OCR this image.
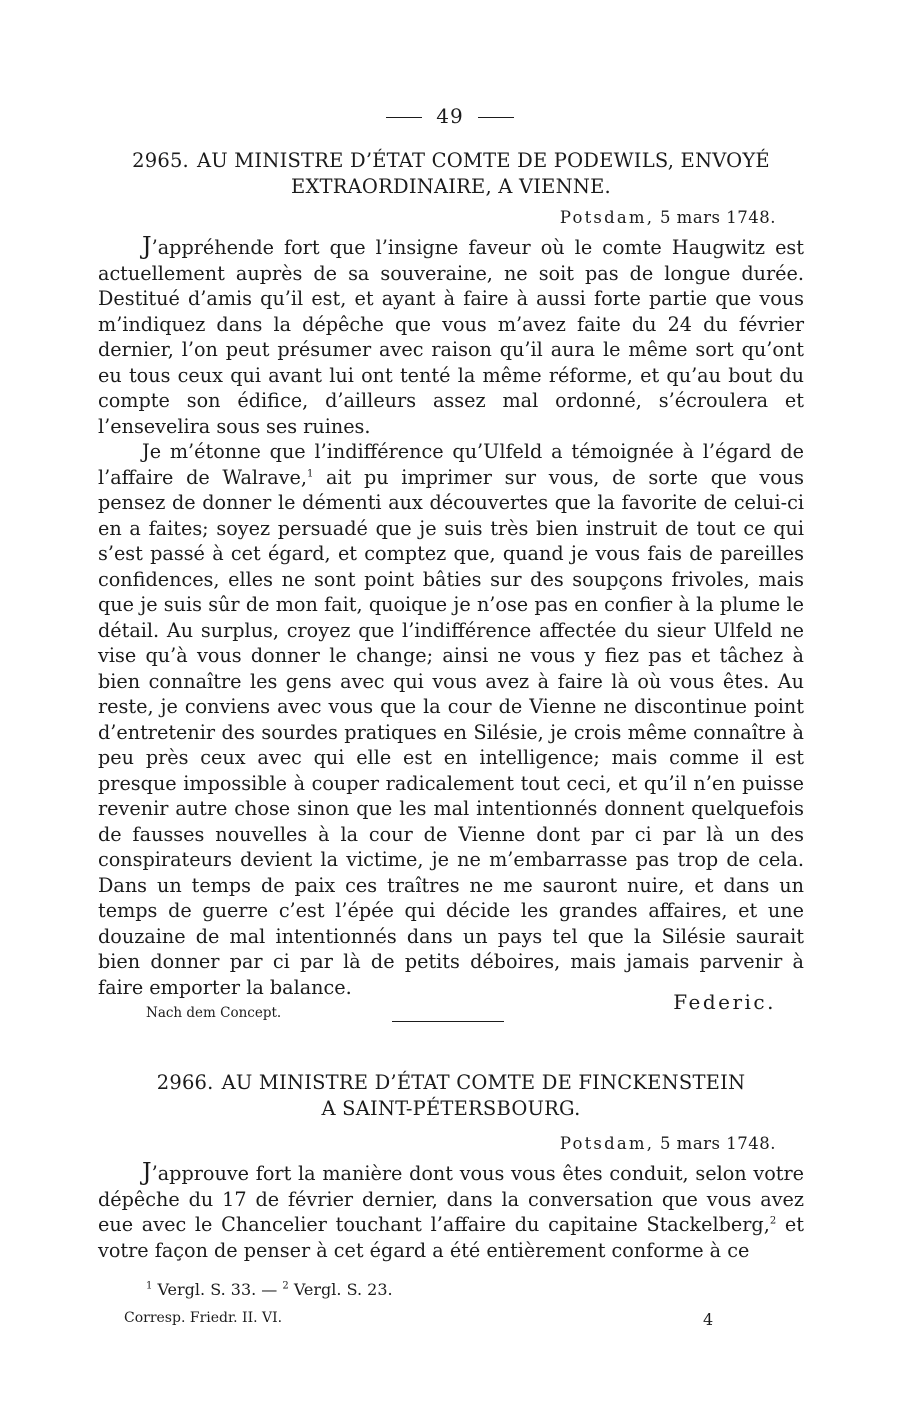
49
2965. AU MINISTRE D’ÉTAT COMTE DE PODEWILS, ENVOYÉ
EXTRAORDINAIRE, A VIENNE.
Potsdam, 5 mars 1748.

J’appréhende fort que l’insigne faveur où le comte Haugwitz est actuellement auprès de sa souveraine, ne soit pas de longue durée. Destitué d’amis qu’il est, et ayant à faire à aussi forte partie que vous m’indiquez dans la dépêche que vous m’avez faite du 24 du février dernier, l’on peut présumer avec raison qu’il aura le même sort qu’ont eu tous ceux qui avant lui ont tenté la même réforme, et qu’au bout du compte son édifice, d’ailleurs assez mal ordonné, s’écroulera et l’ensevelira sous ses ruines.

Je m’étonne que l’indifférence qu’Ulfeld a témoignée à l’égard de l’affaire de Walrave,$^1$ ait pu imprimer sur vous, de sorte que vous pensez de donner le démenti aux découvertes que la favorite de celui-ci en a faites; soyez persuadé que je suis très bien instruit de tout ce qui s’est passé à cet égard, et comptez que, quand je vous fais de pareilles confidences, elles ne sont point bâties sur des soupçons frivoles, mais que je suis sûr de mon fait, quoique je n’ose pas en confier à la plume le détail. Au surplus, croyez que l’indifférence affectée du sieur Ulfeld ne vise qu’à vous donner le change; ainsi ne vous y fiez pas et tâchez à bien connaître les gens avec qui vous avez à faire là où vous êtes. Au reste, je conviens avec vous que la cour de Vienne ne discontinue point d’entretenir des sourdes pratiques en Silésie, je crois même connaître à peu près ceux avec qui elle est en intelligence; mais comme il est presque impossible à couper radicalement tout ceci, et qu’il n’en puisse revenir autre chose sinon que les mal intentionnés donnent quelquefois de fausses nouvelles à la cour de Vienne dont par ci par là un des conspirateurs devient la victime, je ne m’embarrasse pas trop de cela. Dans un temps de paix ces traîtres ne me sauront nuire, et dans un temps de guerre c’est l’épée qui décide les grandes affaires, et une douzaine de mal intentionnés dans un pays tel que la Silésie saurait bien donner par ci par là de petits déboires, mais jamais parvenir à faire emporter la balance.

Federic.
Nach dem Concept.
2966. AU MINISTRE D’ÉTAT COMTE DE FINCKENSTEIN
A SAINT-PÉTERSBOURG.
Potsdam, 5 mars 1748.

J’approuve fort la manière dont vous vous êtes conduit, selon votre dépêche du 17 de février dernier, dans la conversation que vous avez eue avec le Chancelier touchant l’affaire du capitaine Stackelberg,$^2$ et votre façon de penser à cet égard a été entièrement conforme à ce

$^1$ Vergl. S. 33. — $^2$ Vergl. S. 23.
Corresp. Friedr. II. VI.	4
